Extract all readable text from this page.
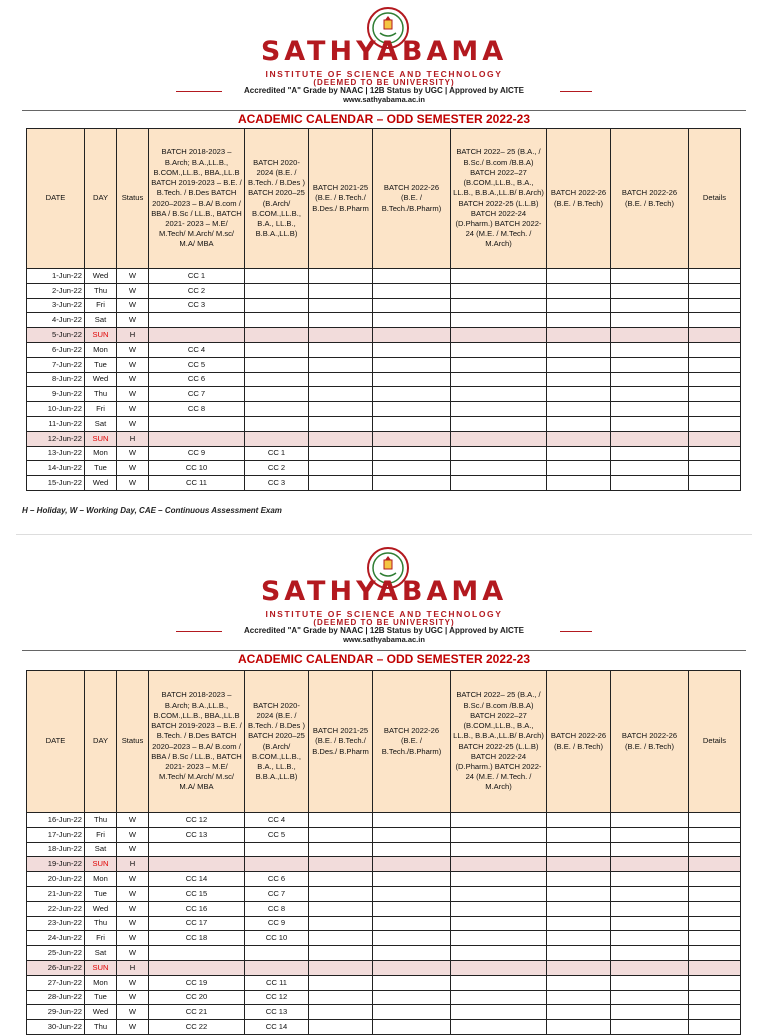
SATHYABAMA
INSTITUTE OF SCIENCE AND TECHNOLOGY
(DEEMED TO BE UNIVERSITY)
Accredited "A" Grade by NAAC | 12B Status by UGC | Approved by AICTE
www.sathyabama.ac.in
ACADEMIC CALENDAR – ODD SEMESTER 2022-23
DATE	DAY	Status	BATCH 2018-2023 – B.Arch; B.A.,LL.B., B.COM.,LL.B., BBA.,LL.B BATCH 2019-2023 – B.E. / B.Tech. / B.Des BATCH 2020–2023 – B.A/ B.com / BBA / B.Sc / LL.B., BATCH 2021- 2023 – M.E/ M.Tech/ M.Arch/ M.sc/ M.A/ MBA	BATCH 2020-2024 (B.E. / B.Tech. / B.Des ) BATCH 2020–25 (B.Arch/ B.COM.,LL.B., B.A., LL.B., B.B.A.,LL.B)	BATCH 2021-25 (B.E. / B.Tech./ B.Des./ B.Pharm	BATCH 2022-26 (B.E. / B.Tech./B.Pharm)	BATCH 2022– 25 (B.A., / B.Sc./ B.com /B.B.A) BATCH 2022–27 (B.COM.,LL.B., B.A., LL.B., B.B.A.,LL.B/ B.Arch) BATCH 2022-25 (L.L.B) BATCH 2022-24 (D.Pharm.) BATCH 2022-24 (M.E. / M.Tech. / M.Arch)	BATCH 2022-26 (B.E. / B.Tech)	BATCH 2022-26 (B.E. / B.Tech)	Details
1-Jun-22	Wed	W	CC 1							
2-Jun-22	Thu	W	CC 2							
3-Jun-22	Fri	W	CC 3							
4-Jun-22	Sat	W								
5-Jun-22	SUN	H								
6-Jun-22	Mon	W	CC 4							
7-Jun-22	Tue	W	CC 5							
8-Jun-22	Wed	W	CC 6							
9-Jun-22	Thu	W	CC 7							
10-Jun-22	Fri	W	CC 8							
11-Jun-22	Sat	W								
12-Jun-22	SUN	H								
13-Jun-22	Mon	W	CC 9	CC 1						
14-Jun-22	Tue	W	CC 10	CC 2						
15-Jun-22	Wed	W	CC 11	CC 3						
H – Holiday, W – Working Day, CAE – Continuous Assessment Exam
SATHYABAMA
INSTITUTE OF SCIENCE AND TECHNOLOGY
(DEEMED TO BE UNIVERSITY)
Accredited "A" Grade by NAAC | 12B Status by UGC | Approved by AICTE
www.sathyabama.ac.in
ACADEMIC CALENDAR – ODD SEMESTER 2022-23
DATE	DAY	Status	BATCH 2018-2023 – B.Arch; B.A.,LL.B., B.COM.,LL.B., BBA.,LL.B BATCH 2019-2023 – B.E. / B.Tech. / B.Des BATCH 2020–2023 – B.A/ B.com / BBA / B.Sc / LL.B., BATCH 2021- 2023 – M.E/ M.Tech/ M.Arch/ M.sc/ M.A/ MBA	BATCH 2020-2024 (B.E. / B.Tech. / B.Des ) BATCH 2020–25 (B.Arch/ B.COM.,LL.B., B.A., LL.B., B.B.A.,LL.B)	BATCH 2021-25 (B.E. / B.Tech./ B.Des./ B.Pharm	BATCH 2022-26 (B.E. / B.Tech./B.Pharm)	BATCH 2022– 25 (B.A., / B.Sc./ B.com /B.B.A) BATCH 2022–27 (B.COM.,LL.B., B.A., LL.B., B.B.A.,LL.B/ B.Arch) BATCH 2022-25 (L.L.B) BATCH 2022-24 (D.Pharm.) BATCH 2022-24 (M.E. / M.Tech. / M.Arch)	BATCH 2022-26 (B.E. / B.Tech)	BATCH 2022-26 (B.E. / B.Tech)	Details
16-Jun-22	Thu	W	CC 12	CC 4						
17-Jun-22	Fri	W	CC 13	CC 5						
18-Jun-22	Sat	W								
19-Jun-22	SUN	H								
20-Jun-22	Mon	W	CC 14	CC 6						
21-Jun-22	Tue	W	CC 15	CC 7						
22-Jun-22	Wed	W	CC 16	CC 8						
23-Jun-22	Thu	W	CC 17	CC 9						
24-Jun-22	Fri	W	CC 18	CC 10						
25-Jun-22	Sat	W								
26-Jun-22	SUN	H								
27-Jun-22	Mon	W	CC 19	CC 11						
28-Jun-22	Tue	W	CC 20	CC 12						
29-Jun-22	Wed	W	CC 21	CC 13						
30-Jun-22	Thu	W	CC 22	CC 14						
